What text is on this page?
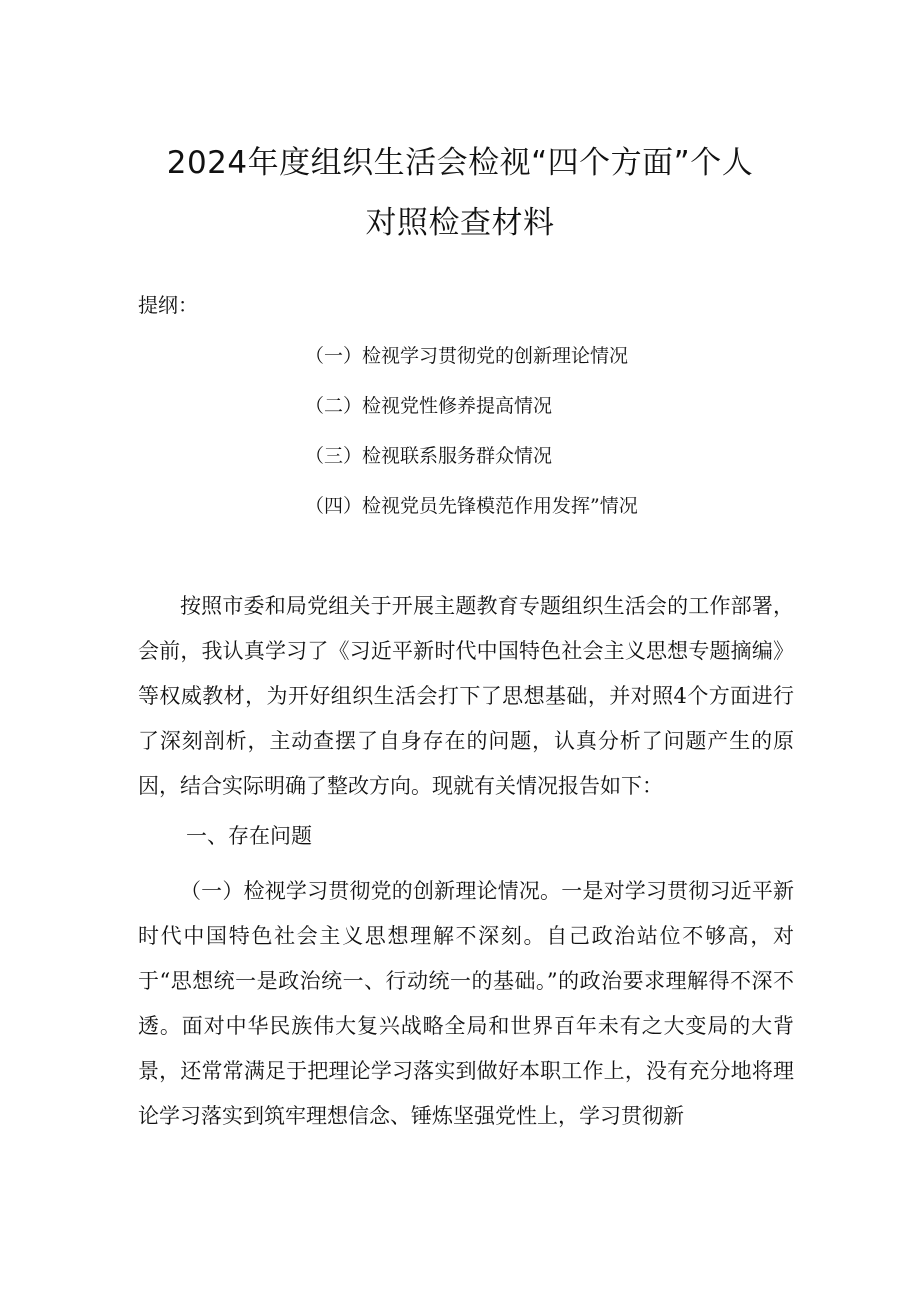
2024年度组织生活会检视“四个方面”个人
对照检查材料

提纲：

（一）检视学习贯彻党的创新理论情况
（二）检视党性修养提高情况
（三）检视联系服务群众情况
（四）检视党员先锋模范作用发挥”情况

按照市委和局党组关于开展主题教育专题组织生活会的工作部署，会前，我认真学习了《习近平新时代中国特色社会主义思想专题摘编》等权威教材，为开好组织生活会打下了思想基础，并对照4个方面进行了深刻剖析，主动查摆了自身存在的问题，认真分析了问题产生的原因，结合实际明确了整改方向。现就有关情况报告如下：

一、存在问题

（一）检视学习贯彻党的创新理论情况。一是对学习贯彻习近平新时代中国特色社会主义思想理解不深刻。自己政治站位不够高，对于“思想统一是政治统一、行动统一的基础。”的政治要求理解得不深不透。面对中华民族伟大复兴战略全局和世界百年未有之大变局的大背景，还常常满足于把理论学习落实到做好本职工作上，没有充分地将理论学习落实到筑牢理想信念、锤炼坚强党性上，学习贯彻新
